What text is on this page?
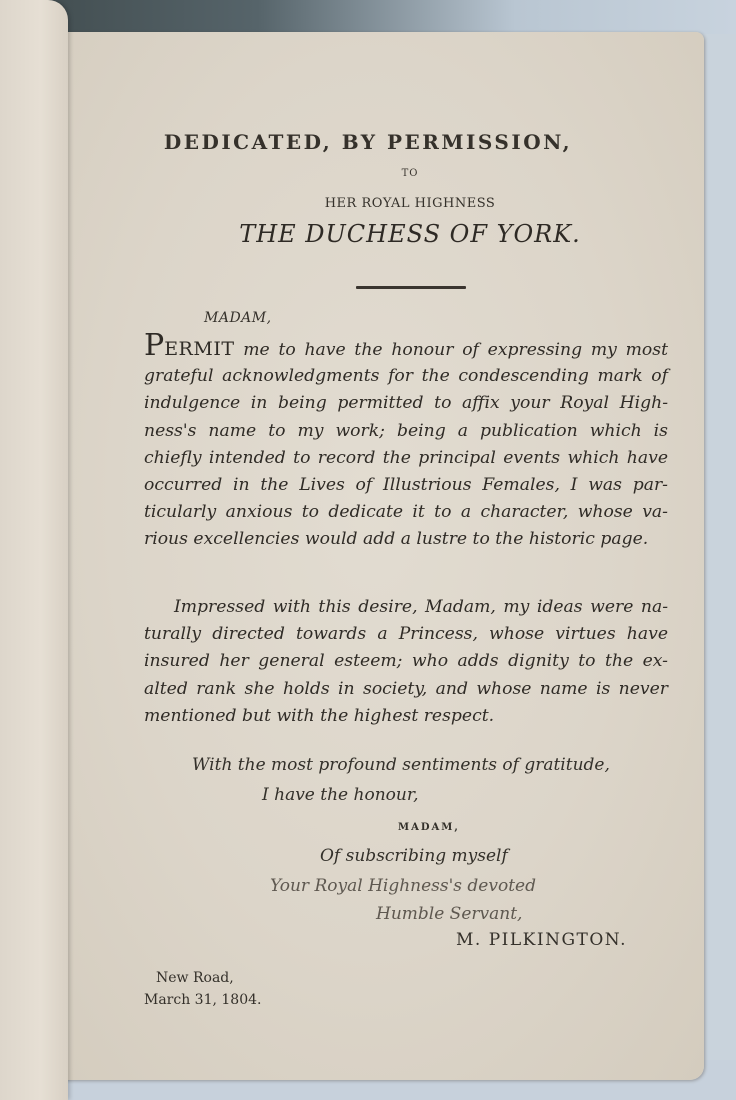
DEDICATED, BY PERMISSION,
TO
HER ROYAL HIGHNESS
THE DUCHESS OF YORK.
MADAM,
PERMIT me to have the honour of expressing my most
grateful acknowledgments for the condescending mark of
indulgence in being permitted to affix your Royal High-
ness's name to my work; being a publication which is
chiefly intended to record the principal events which have
occurred in the Lives of Illustrious Females, I was par-
ticularly anxious to dedicate it to a character, whose va-
rious excellencies would add a lustre to the historic page.
Impressed with this desire, Madam, my ideas were na-
turally directed towards a Princess, whose virtues have
insured her general esteem; who adds dignity to the ex-
alted rank she holds in society, and whose name is never
mentioned but with the highest respect.
With the most profound sentiments of gratitude,
I have the honour,
MADAM,
Of subscribing myself
Your Royal Highness's devoted
Humble Servant,
M. PILKINGTON.
New Road,
March 31, 1804.
